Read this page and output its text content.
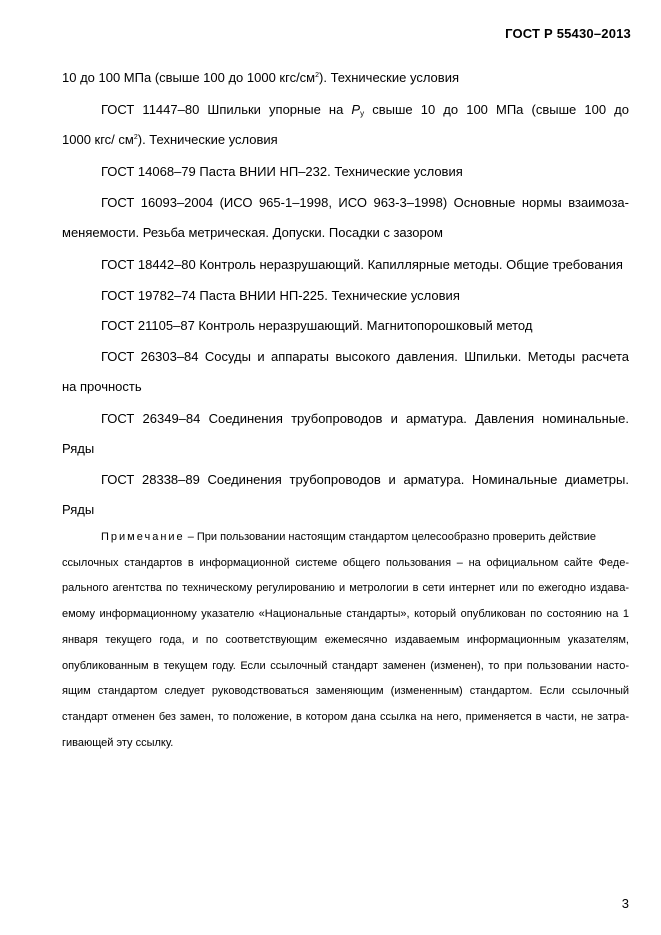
ГОСТ Р 55430–2013
10 до 100 МПа (свыше 100 до 1000 кгс/$см^2$). Технические условия
ГОСТ 11447–80 Шпильки упорные на $P_у$ свыше 10 до 100 МПа (свыше 100 до
1000 кгс/ $см^2$). Технические условия
ГОСТ 14068–79 Паста ВНИИ НП–232. Технические условия
ГОСТ 16093–2004 (ИСО 965-1–1998, ИСО 963-3–1998) Основные нормы взаимоза-
меняемости. Резьба метрическая. Допуски. Посадки с зазором
ГОСТ 18442–80 Контроль неразрушающий. Капиллярные методы. Общие требования
ГОСТ 19782–74 Паста ВНИИ НП-225. Технические условия
ГОСТ 21105–87 Контроль неразрушающий. Магнитопорошковый метод
ГОСТ 26303–84 Сосуды и аппараты высокого давления. Шпильки. Методы расчета
на прочность
ГОСТ 26349–84 Соединения трубопроводов и арматура. Давления номинальные.
Ряды
ГОСТ 28338–89 Соединения трубопроводов и арматура. Номинальные диаметры.
Ряды
Примечание – При пользовании настоящим стандартом целесообразно проверить действие
ссылочных стандартов в информационной системе общего пользования – на официальном сайте Феде-
рального агентства по техническому регулированию и метрологии в сети интернет или по ежегодно издава-
емому информационному указателю «Национальные стандарты», который опубликован по состоянию на 1
января текущего года, и по соответствующим ежемесячно издаваемым информационным указателям,
опубликованным в текущем году. Если ссылочный стандарт заменен (изменен), то при пользовании насто-
ящим стандартом следует руководствоваться заменяющим (измененным) стандартом. Если ссылочный
стандарт отменен без замен, то положение, в котором дана ссылка на него, применяется в части, не затра-
гивающей эту ссылку.
3
